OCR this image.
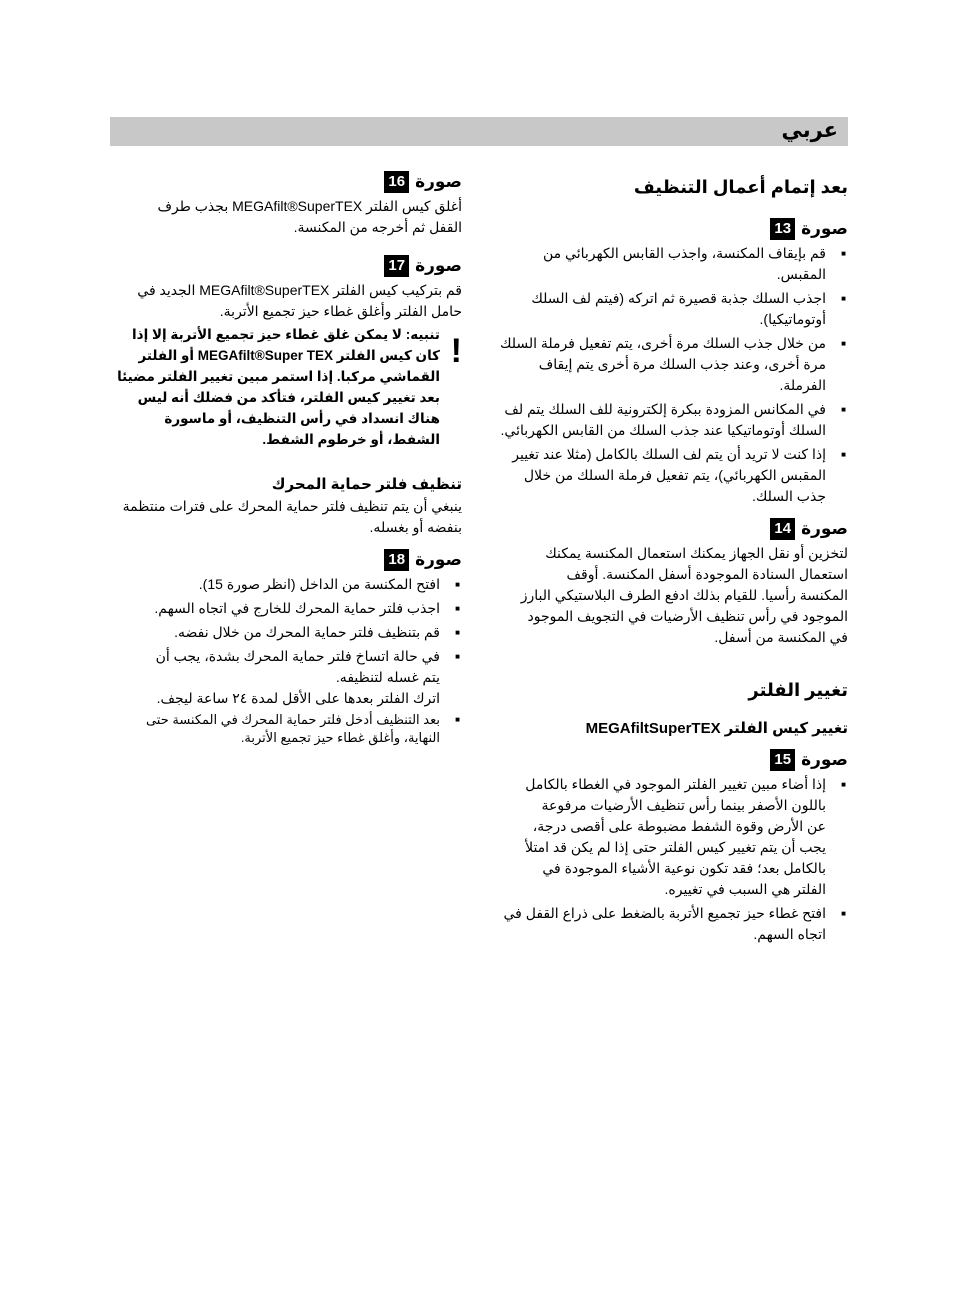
عربي
بعد إتمام أعمال التنظيف
صورة
13
■
قم بإيقاف المكنسة، واجذب القابس الكهربائي من المقبس.
■
اجذب السلك جذبة قصيرة ثم اتركه (فيتم لف السلك أوتوماتيكيا).
■
من خلال جذب السلك مرة أخرى، يتم تفعيل فرملة السلك مرة أخرى، وعند جذب السلك مرة أخرى يتم إيقاف الفرملة.
■
في المكانس المزودة ببكرة إلكترونية للف السلك يتم لف السلك أوتوماتيكيا عند جذب السلك من القابس الكهربائي.
■
إذا كنت لا تريد أن يتم لف السلك بالكامل (مثلا عند تغيير المقبس الكهربائي)، يتم تفعيل فرملة السلك من خلال جذب السلك.
صورة
14

لتخزين أو نقل الجهاز يمكنك استعمال المكنسة يمكنك استعمال السنادة الموجودة أسفل المكنسة. أوقف المكنسة رأسيا. للقيام بذلك ادفع الطرف البلاستيكي البارز الموجود في رأس تنظيف الأرضيات في التجويف الموجود في المكنسة من أسفل.

تغيير الفلتر
تغيير كيس الفلتر MEGAfiltSuperTEX
صورة
15
■
إذا أضاء مبين تغيير الفلتر الموجود في الغطاء بالكامل باللون الأصفر بينما رأس تنظيف الأرضيات مرفوعة عن الأرض وقوة الشفط مضبوطة على أقصى درجة، يجب أن يتم تغيير كيس الفلتر حتى إذا لم يكن قد امتلأ بالكامل بعد؛ فقد تكون نوعية الأشياء الموجودة في الفلتر هي السبب في تغييره.
■
افتح غطاء حيز تجميع الأتربة بالضغط على ذراع القفل في اتجاه السهم.
صورة
16

أغلق كيس الفلتر MEGAfilt®SuperTEX بجذب طرف القفل ثم أخرجه من المكنسة.

صورة
17

قم بتركيب كيس الفلتر MEGAfilt®SuperTEX الجديد في حامل الفلتر وأغلق غطاء حيز تجميع الأتربة.

!
تنبيه: لا يمكن غلق غطاء حيز تجميع الأتربة إلا إذا كان كيس الفلتر MEGAfilt®Super TEX أو الفلتر القماشي مركبا. إذا استمر مبين تغيير الفلتر مضيئا بعد تغيير كيس الفلتر، فتأكد من فضلك أنه ليس هناك انسداد في رأس التنظيف، أو ماسورة الشفط، أو خرطوم الشفط.
تنظيف فلتر حماية المحرك

ينبغي أن يتم تنظيف فلتر حماية المحرك على فترات منتظمة بنفضه أو بغسله.

صورة
18
■
افتح المكنسة من الداخل (انظر صورة 15).
■
اجذب فلتر حماية المحرك للخارج في اتجاه السهم.
■
قم بتنظيف فلتر حماية المحرك من خلال نفضه.
■
في حالة اتساخ فلتر حماية المحرك بشدة، يجب أن يتم غسله لتنظيفه.

اترك الفلتر بعدها على الأقل لمدة ٢٤ ساعة ليجف.

■
بعد التنظيف أدخل فلتر حماية المحرك في المكنسة حتى النهاية، وأغلق غطاء حيز تجميع الأتربة.
